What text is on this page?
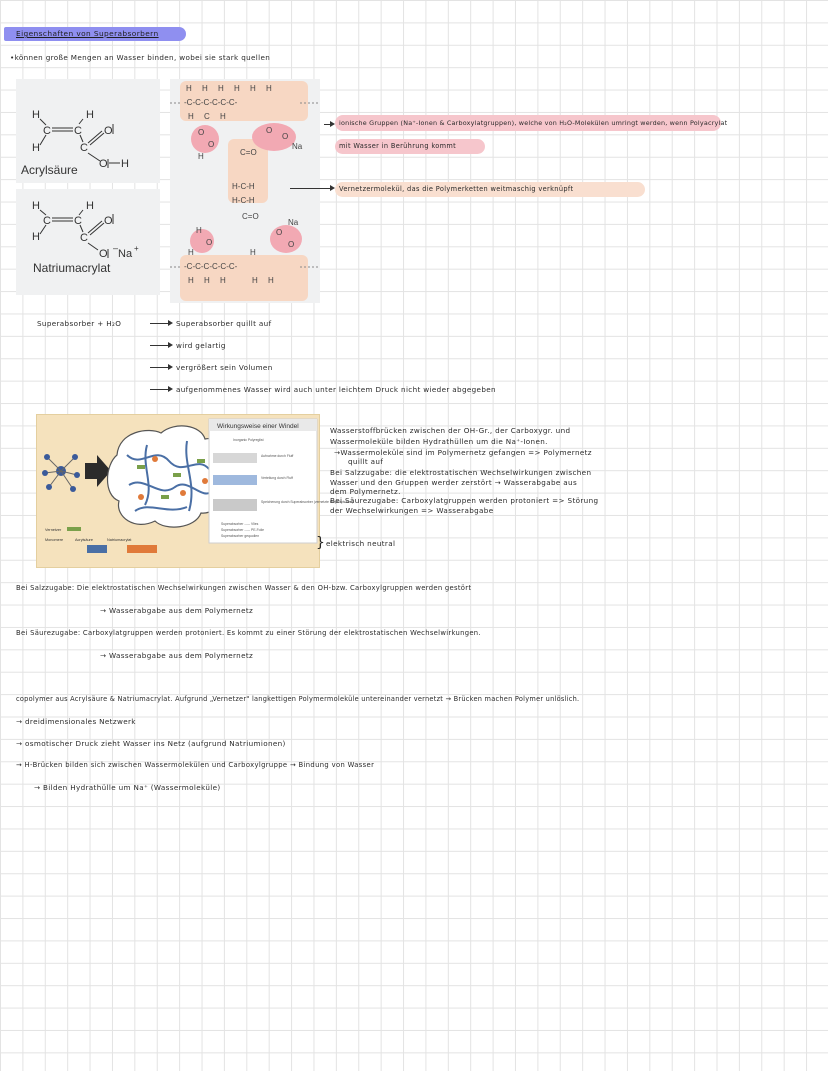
Eigenschaften von Superabsorbern
•können große Mengen an Wasser binden, wobei sie stark quellen
H	H
H
C C
C
O
O H
Acrylsäure
H	H
H
C C
C
O
O Na +
–
Natriumacrylat
H H H H H H
-C-C-C-C-C-C-
H C H
O
O
H
O
O
Na
C=O
H-C-H
H-C-H
C=O
Na
H
O
O
O
-C-C-C-C-C-C-
H H H	H H
H	H
ionische Gruppen (Na⁺-Ionen & Carboxylatgruppen), welche von H₂O-Molekülen umringt werden, wenn Polyacrylat
mit Wasser in Berührung kommt
Vernetzermolekül, das die Polymerketten weitmaschig verknüpft
Superabsorber + H₂O	Superabsorber quillt auf
wird gelartig
vergrößert sein Volumen
aufgenommenes Wasser wird auch unter leichtem Druck nicht wieder abgegeben
Wirkungsweise einer Windel
Aufnahme durch Fluff
Verteilung durch Fluff
Speicherung durch Superabsorber (vernetzte Polyacrylsäure)
Inorganic Polyreglist
Superabsorber ----- Vlies
Superabsorber ----- PE-Folie
Superabsorber gequollen
Vernetzer
Monomere	Acrylsäure	Natriumacrylat
Wasserstoffbrücken zwischen der OH-Gr., der Carboxygr. und
Wassermoleküle bilden Hydrathüllen um die Na⁺-Ionen.
→Wassermoleküle sind im Polymernetz gefangen => Polymernetz
quillt auf
Bei Salzzugabe: die elektrostatischen Wechselwirkungen zwischen
Wasser und den Gruppen werder zerstört → Wasserabgabe aus
dem Polymernetz.
Bei Säurezugabe: Carboxylatgruppen werden protoniert => Störung
der Wechselwirkungen => Wasserabgabe
} elektrisch neutral
Bei Salzzugabe: Die elektrostatischen Wechselwirkungen zwischen Wasser & den OH-bzw. Carboxylgruppen werden gestört
→ Wasserabgabe aus dem Polymernetz
Bei Säurezugabe: Carboxylatgruppen werden protoniert. Es kommt zu einer Störung der elektrostatischen Wechselwirkungen.
→ Wasserabgabe aus dem Polymernetz
copolymer aus Acrylsäure & Natriumacrylat. Aufgrund „Vernetzer" langkettigen Polymermoleküle untereinander vernetzt → Brücken machen Polymer unlöslich.
→ dreidimensionales Netzwerk
→ osmotischer Druck zieht Wasser ins Netz (aufgrund Natriumionen)
→ H-Brücken bilden sich zwischen Wassermolekülen und Carboxylgruppe → Bindung von Wasser
→ Bilden Hydrathülle um Na⁺ (Wassermoleküle)
